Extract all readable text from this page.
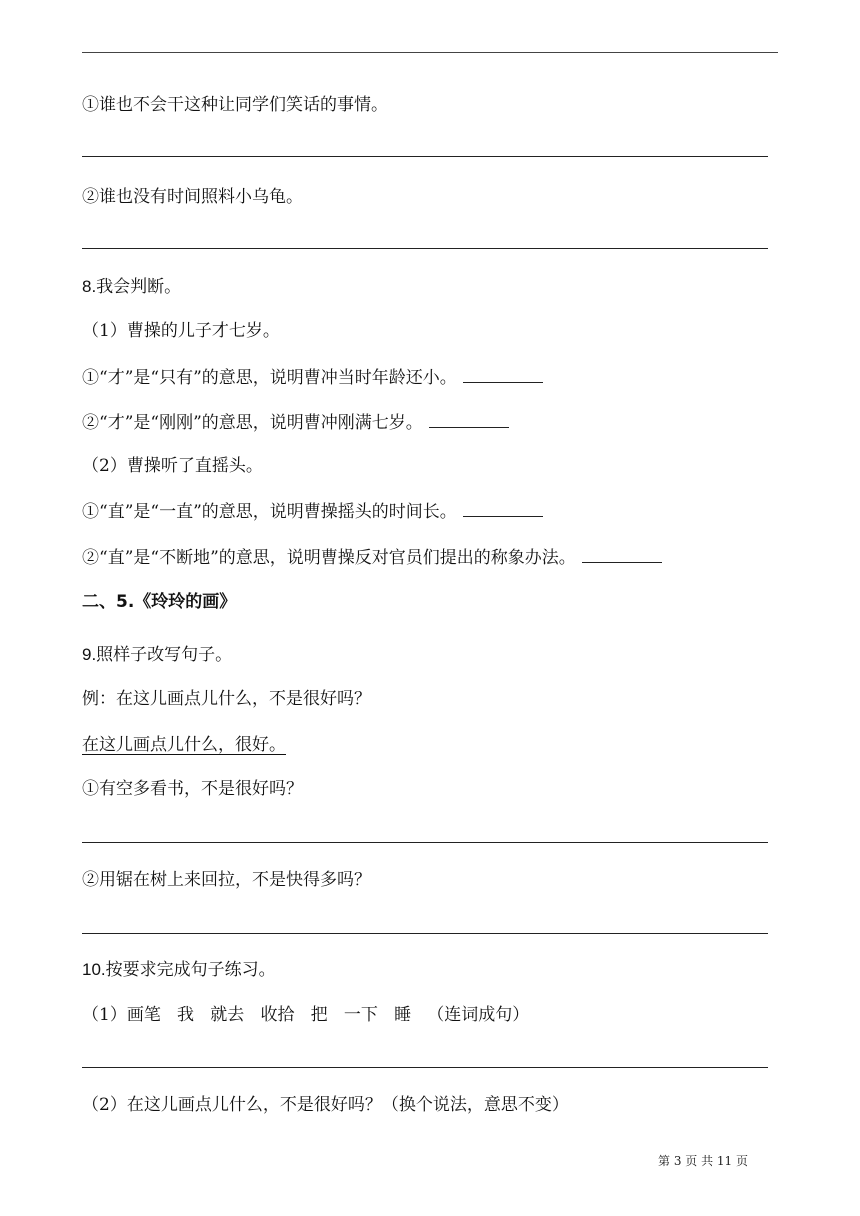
①谁也不会干这种让同学们笑话的事情。
②谁也没有时间照料小乌龟。
8.我会判断。
（1）曹操的儿子才七岁。
①“才”是“只有”的意思，说明曹冲当时年龄还小。
②“才”是“刚刚”的意思，说明曹冲刚满七岁。
（2）曹操听了直摇头。
①“直”是“一直”的意思，说明曹操摇头的时间长。
②“直”是“不断地”的意思，说明曹操反对官员们提出的称象办法。
二、5.《玲玲的画》
9.照样子改写句子。
例：在这儿画点儿什么，不是很好吗？
在这儿画点儿什么，很好。
①有空多看书，不是很好吗？
②用锯在树上来回拉，不是快得多吗？
10.按要求完成句子练习。
（1）画笔   我   就去   收拾   把   一下   睡   （连词成句）
（2）在这儿画点儿什么，不是很好吗？（换个说法，意思不变）
第 3 页 共 11 页
